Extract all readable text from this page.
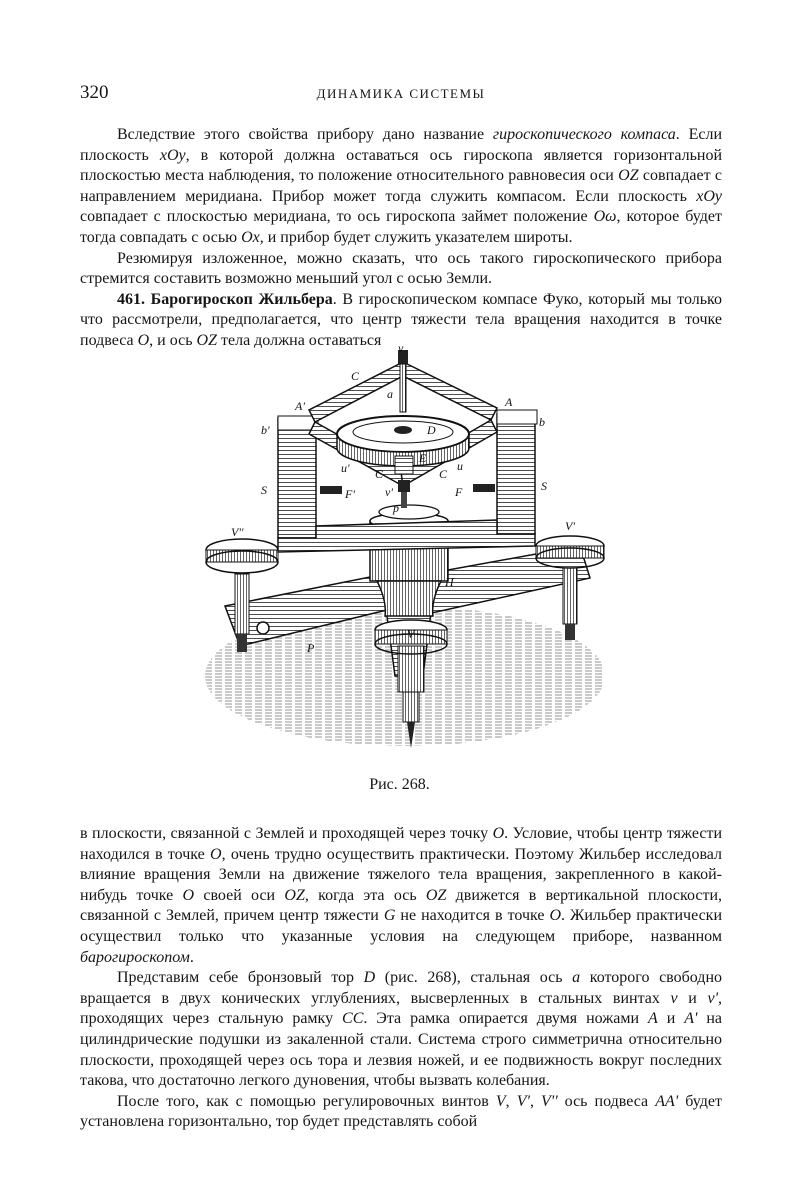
320	ДИНАМИКА СИСТЕМЫ

Вследствие этого свойства прибору дано название гироскопического компаса. Если плоскость xOy, в которой должна оставаться ось гироскопа является горизонтальной плоскостью места наблюдения, то положение относительного равновесия оси OZ совпадает с направлением меридиана. Прибор может тогда служить компасом. Если плоскость xOy совпадает с плоскостью меридиана, то ось гироскопа займет положение Oω, которое будет тогда совпадать с осью Ox, и прибор будет служить указателем широты.

Резюмируя изложенное, можно сказать, что ось такого гироскопического прибора стремится составить возможно меньший угол с осью Земли.

461. Барогироскоп Жильбера. В гироскопическом компасе Фуко, который мы только что рассмотрели, предполагается, что центр тяжести тела вращения находится в точке подвеса O, и ось OZ тела должна оставаться	v
C
a
A'	A
b'
b
D
E
u'	u
C	C
S	S
F'	F
v'
p
V''	V'
H
P
V
Рис. 268.

в плоскости, связанной с Землей и проходящей через точку O. Условие, чтобы центр тяжести находился в точке O, очень трудно осуществить практически. Поэтому Жильбер исследовал влияние вращения Земли на движение тяжелого тела вращения, закрепленного в какой-нибудь точке O своей оси OZ, когда эта ось OZ движется в вертикальной плоскости, связанной с Землей, причем центр тяжести G не находится в точке O. Жильбер практически осуществил только что указанные условия на следующем приборе, названном барогироскопом.

Представим себе бронзовый тор D (рис. 268), стальная ось a которого свободно вращается в двух конических углублениях, высверленных в стальных винтах v и v', проходящих через стальную рамку CC. Эта рамка опирается двумя ножами A и A' на цилиндрические подушки из закаленной стали. Система строго симметрична относительно плоскости, проходящей через ось тора и лезвия ножей, и ее подвижность вокруг последних такова, что достаточно легкого дуновения, чтобы вызвать колебания.

После того, как с помощью регулировочных винтов V, V', V'' ось подвеса AA' будет установлена горизонтально, тор будет представлять собой
